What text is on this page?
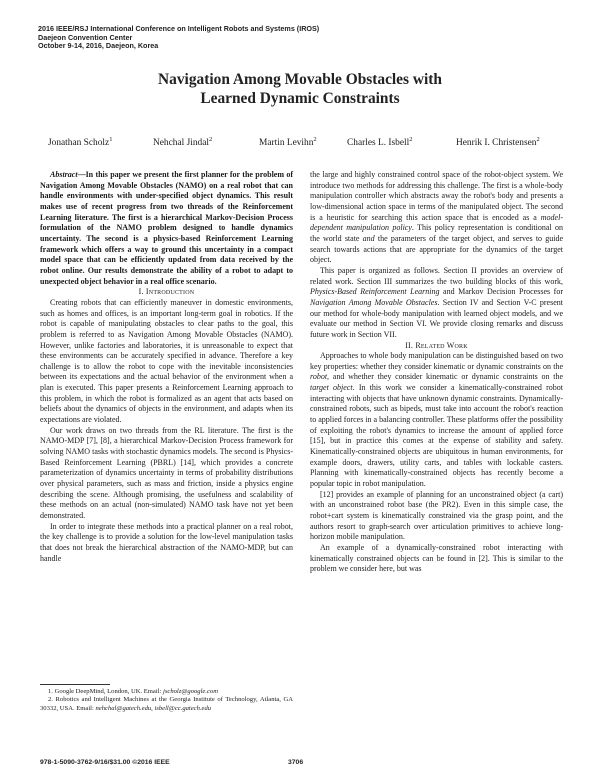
2016 IEEE/RSJ International Conference on Intelligent Robots and Systems (IROS)
Daejeon Convention Center
October 9-14, 2016, Daejeon, Korea
Navigation Among Movable Obstacles with
Learned Dynamic Constraints
Jonathan Scholz$^1$	Nehchal Jindal$^2$	Martin Levihn$^2$	Charles L. Isbell$^2$	Henrik I. Christensen$^2$

Abstract—In this paper we present the first planner for the problem of Navigation Among Movable Obstacles (NAMO) on a real robot that can handle environments with under-specified object dynamics. This result makes use of recent progress from two threads of the Reinforcement Learning literature. The first is a hierarchical Markov-Decision Process formulation of the NAMO problem designed to handle dynamics uncertainty. The second is a physics-based Reinforcement Learning framework which offers a way to ground this uncertainty in a compact model space that can be efficiently updated from data received by the robot online. Our results demonstrate the ability of a robot to adapt to unexpected object behavior in a real office scenario.

I. Introduction

Creating robots that can efficiently maneuver in domestic environments, such as homes and offices, is an important long-term goal in robotics. If the robot is capable of manipulating obstacles to clear paths to the goal, this problem is referred to as Navigation Among Movable Obstacles (NAMO). However, unlike factories and laboratories, it is unreasonable to expect that these environments can be accurately specified in advance. Therefore a key challenge is to allow the robot to cope with the inevitable inconsistencies between its expectations and the actual behavior of the environment when a plan is executed. This paper presents a Reinforcement Learning approach to this problem, in which the robot is formalized as an agent that acts based on beliefs about the dynamics of objects in the environment, and adapts when its expectations are violated.

Our work draws on two threads from the RL literature. The first is the NAMO-MDP [7], [8], a hierarchical Markov-Decision Process framework for solving NAMO tasks with stochastic dynamics models. The second is Physics-Based Reinforcement Learning (PBRL) [14], which provides a concrete parameterization of dynamics uncertainty in terms of probability distributions over physical parameters, such as mass and friction, inside a physics engine describing the scene. Although promising, the usefulness and scalability of these methods on an actual (non-simulated) NAMO task have not yet been demonstrated.

In order to integrate these methods into a practical planner on a real robot, the key challenge is to provide a solution for the low-level manipulation tasks that does not break the hierarchical abstraction of the NAMO-MDP, but can handle

1. Google DeepMind, London, UK. Email: jscholz@google.com

2. Robotics and Intelligent Machines at the Georgia Institute of Technology, Atlanta, GA 30332, USA. Email: nehchal@gatech.edu, isbell@cc.gatech.edu

the large and highly constrained control space of the robot-object system. We introduce two methods for addressing this challenge. The first is a whole-body manipulation controller which abstracts away the robot's body and presents a low-dimensional action space in terms of the manipulated object. The second is a heuristic for searching this action space that is encoded as a model-dependent manipulation policy. This policy representation is conditional on the world state and the parameters of the target object, and serves to guide search towards actions that are appropriate for the dynamics of the target object.

This paper is organized as follows. Section II provides an overview of related work. Section III summarizes the two building blocks of this work, Physics-Based Reinforcement Learning and Markov Decision Processes for Navigation Among Movable Obstacles. Section IV and Section V-C present our method for whole-body manipulation with learned object models, and we evaluate our method in Section VI. We provide closing remarks and discuss future work in Section VII.

II. Related Work

Approaches to whole body manipulation can be distinguished based on two key properties: whether they consider kinematic or dynamic constraints on the robot, and whether they consider kinematic or dynamic constraints on the target object. In this work we consider a kinematically-constrained robot interacting with objects that have unknown dynamic constraints. Dynamically-constrained robots, such as bipeds, must take into account the robot's reaction to applied forces in a balancing controller. These platforms offer the possibility of exploiting the robot's dynamics to increase the amount of applied force [15], but in practice this comes at the expense of stability and safety. Kinematically-constrained objects are ubiquitous in human environments, for example doors, drawers, utility carts, and tables with lockable casters. Planning with kinematically-constrained objects has recently become a popular topic in robot manipulation.

[12] provides an example of planning for an unconstrained object (a cart) with an unconstrained robot base (the PR2). Even in this simple case, the robot+cart system is kinematically constrained via the grasp point, and the authors resort to graph-search over articulation primitives to achieve long-horizon mobile manipulation.

An example of a dynamically-constrained robot interacting with kinematically constrained objects can be found in [2]. This is similar to the problem we consider here, but was

978-1-5090-3762-9/16/$31.00 ©2016 IEEE	3706
